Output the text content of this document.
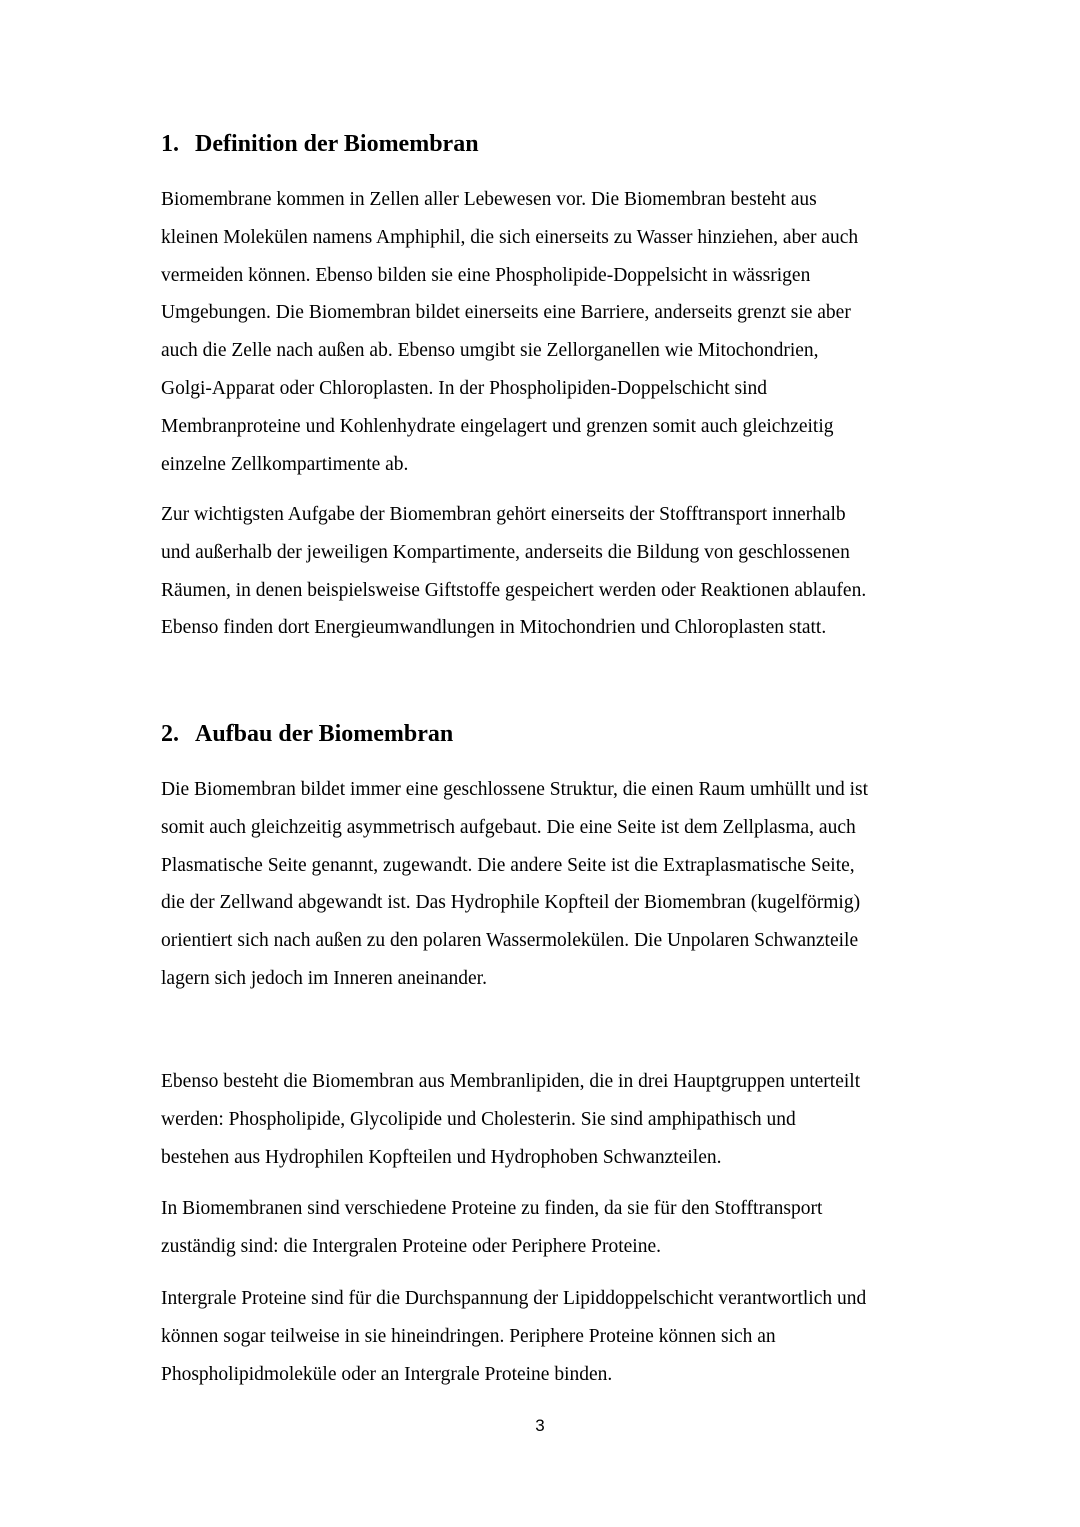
1. Definition der Biomembran

Biomembrane kommen in Zellen aller Lebewesen vor. Die Biomembran besteht aus
kleinen Molekülen namens Amphiphil, die sich einerseits zu Wasser hinziehen, aber auch
vermeiden können. Ebenso bilden sie eine Phospholipide-Doppelsicht in wässrigen
Umgebungen. Die Biomembran bildet einerseits eine Barriere, anderseits grenzt sie aber
auch die Zelle nach außen ab. Ebenso umgibt sie Zellorganellen wie Mitochondrien,
Golgi-Apparat oder Chloroplasten. In der Phospholipiden-Doppelschicht sind
Membranproteine und Kohlenhydrate eingelagert und grenzen somit auch gleichzeitig
einzelne Zellkompartimente ab.

Zur wichtigsten Aufgabe der Biomembran gehört einerseits der Stofftransport innerhalb
und außerhalb der jeweiligen Kompartimente, anderseits die Bildung von geschlossenen
Räumen, in denen beispielsweise Giftstoffe gespeichert werden oder Reaktionen ablaufen.
Ebenso finden dort Energieumwandlungen in Mitochondrien und Chloroplasten statt.

2. Aufbau der Biomembran

Die Biomembran bildet immer eine geschlossene Struktur, die einen Raum umhüllt und ist
somit auch gleichzeitig asymmetrisch aufgebaut. Die eine Seite ist dem Zellplasma, auch
Plasmatische Seite genannt, zugewandt. Die andere Seite ist die Extraplasmatische Seite,
die der Zellwand abgewandt ist. Das Hydrophile Kopfteil der Biomembran (kugelförmig)
orientiert sich nach außen zu den polaren Wassermolekülen. Die Unpolaren Schwanzteile
lagern sich jedoch im Inneren aneinander.

Ebenso besteht die Biomembran aus Membranlipiden, die in drei Hauptgruppen unterteilt
werden: Phospholipide, Glycolipide und Cholesterin. Sie sind amphipathisch und
bestehen aus Hydrophilen Kopfteilen und Hydrophoben Schwanzteilen.

In Biomembranen sind verschiedene Proteine zu finden, da sie für den Stofftransport
zuständig sind: die Intergralen Proteine oder Periphere Proteine.

Intergrale Proteine sind für die Durchspannung der Lipiddoppelschicht verantwortlich und
können sogar teilweise in sie hineindringen. Periphere Proteine können sich an
Phospholipidmoleküle oder an Intergrale Proteine binden.

3
